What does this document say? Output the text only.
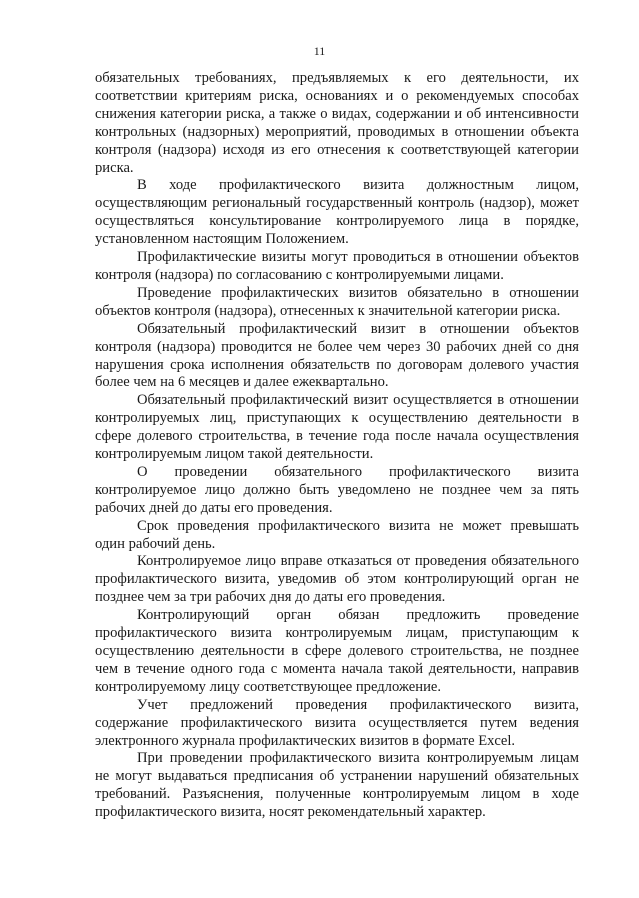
11

обязательных требованиях, предъявляемых к его деятельности, их соответствии критериям риска, основаниях и о рекомендуемых способах снижения категории риска, а также о видах, содержании и об интенсивности контрольных (надзорных) мероприятий, проводимых в отношении объекта контроля (надзора) исходя из его отнесения к соответствующей категории риска.

В ходе профилактического визита должностным лицом, осуществляющим региональный государственный контроль (надзор), может осуществляться консультирование контролируемого лица в порядке, установленном настоящим Положением.

Профилактические визиты могут проводиться в отношении объектов контроля (надзора) по согласованию с контролируемыми лицами.

Проведение профилактических визитов обязательно в отношении объектов контроля (надзора), отнесенных к значительной категории риска.

Обязательный профилактический визит в отношении объектов контроля (надзора) проводится не более чем через 30 рабочих дней со дня нарушения срока исполнения обязательств по договорам долевого участия более чем на 6 месяцев и далее ежеквартально.

Обязательный профилактический визит осуществляется в отношении контролируемых лиц, приступающих к осуществлению деятельности в сфере долевого строительства, в течение года после начала осуществления контролируемым лицом такой деятельности.

О проведении обязательного профилактического визита контролируемое лицо должно быть уведомлено не позднее чем за пять рабочих дней до даты его проведения.

Срок проведения профилактического визита не может превышать один рабочий день.

Контролируемое лицо вправе отказаться от проведения обязательного профилактического визита, уведомив об этом контролирующий орган не позднее чем за три рабочих дня до даты его проведения.

Контролирующий орган обязан предложить проведение профилактического визита контролируемым лицам, приступающим к осуществлению деятельности в сфере долевого строительства, не позднее чем в течение одного года с момента начала такой деятельности, направив контролируемому лицу соответствующее предложение.

Учет предложений проведения профилактического визита, содержание профилактического визита осуществляется путем ведения электронного журнала профилактических визитов в формате Excel.

При проведении профилактического визита контролируемым лицам не могут выдаваться предписания об устранении нарушений обязательных требований. Разъяснения, полученные контролируемым лицом в ходе профилактического визита, носят рекомендательный характер.
